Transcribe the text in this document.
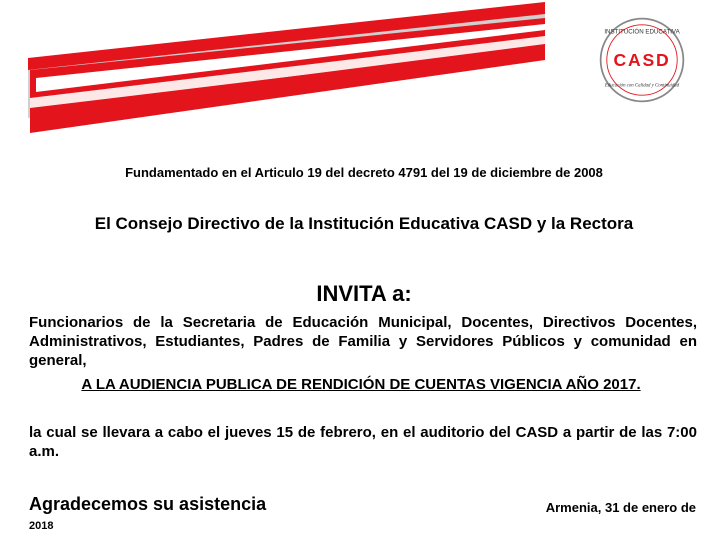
CASD
INSTITUCIÓN EDUCATIVA
Educación con Calidad y Continuidad
Fundamentado en el Articulo 19 del decreto 4791 del 19 de diciembre de 2008
El Consejo Directivo de la Institución Educativa CASD y la Rectora
INVITA a:
Funcionarios de la Secretaria de Educación Municipal, Docentes, Directivos Docentes, Administrativos, Estudiantes, Padres de Familia y Servidores Públicos y comunidad en general,
A LA AUDIENCIA PUBLICA DE RENDICIÓN DE CUENTAS VIGENCIA AÑO 2017.
la cual se llevara a cabo el jueves 15 de febrero, en el auditorio del CASD a partir de las 7:00 a.m.
Agradecemos su asistencia	Armenia, 31 de enero de
2018
